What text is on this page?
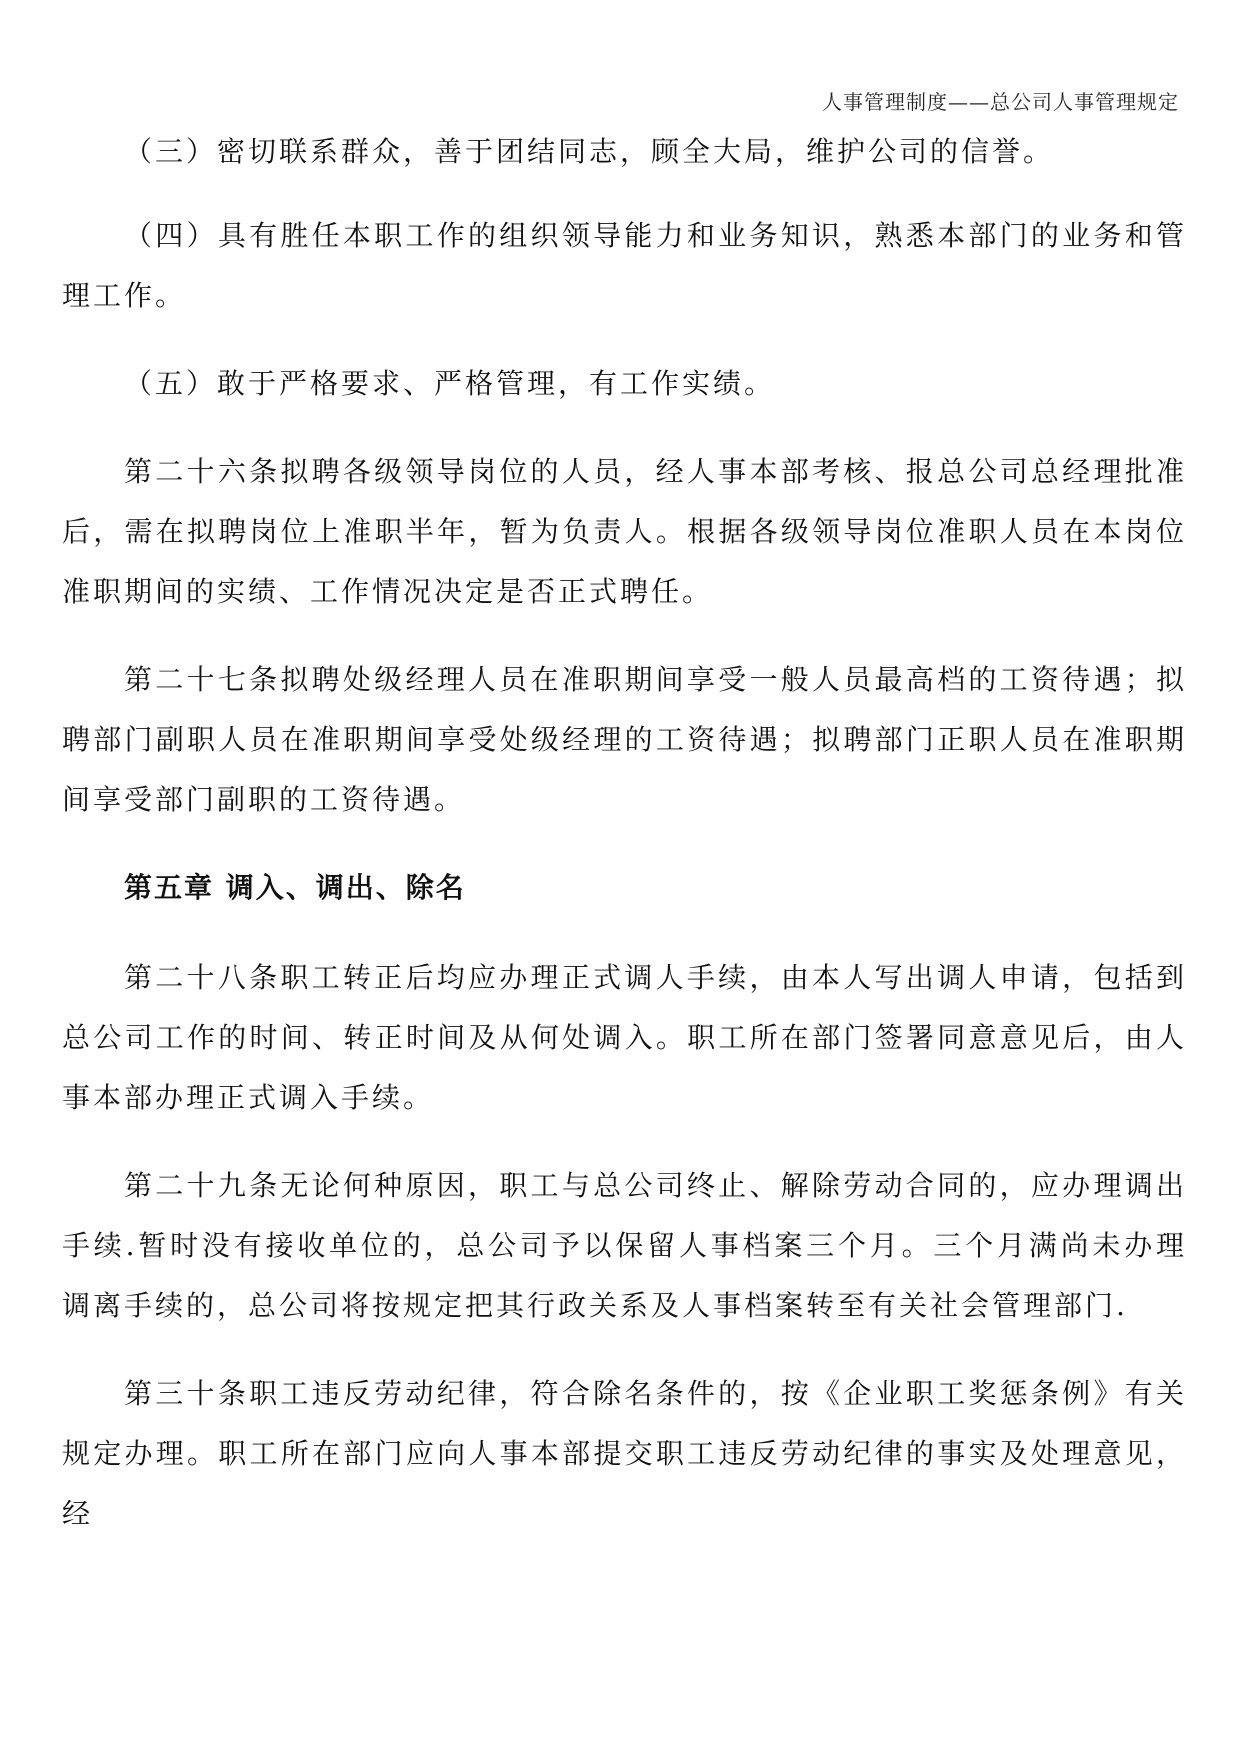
人事管理制度——总公司人事管理规定

（三）密切联系群众，善于团结同志，顾全大局，维护公司的信誉。

（四）具有胜任本职工作的组织领导能力和业务知识，熟悉本部门的业务和管理工作。

（五）敢于严格要求、严格管理，有工作实绩。

第二十六条拟聘各级领导岗位的人员，经人事本部考核、报总公司总经理批准后，需在拟聘岗位上准职半年，暂为负责人。根据各级领导岗位准职人员在本岗位准职期间的实绩、工作情况决定是否正式聘任。

第二十七条拟聘处级经理人员在准职期间享受一般人员最高档的工资待遇；拟聘部门副职人员在准职期间享受处级经理的工资待遇；拟聘部门正职人员在准职期间享受部门副职的工资待遇。

第五章 调入、调出、除名

第二十八条职工转正后均应办理正式调人手续，由本人写出调人申请，包括到总公司工作的时间、转正时间及从何处调入。职工所在部门签署同意意见后，由人事本部办理正式调入手续。

第二十九条无论何种原因，职工与总公司终止、解除劳动合同的，应办理调出手续.暂时没有接收单位的，总公司予以保留人事档案三个月。三个月满尚未办理调离手续的，总公司将按规定把其行政关系及人事档案转至有关社会管理部门.

第三十条职工违反劳动纪律，符合除名条件的，按《企业职工奖惩条例》有关规定办理。职工所在部门应向人事本部提交职工违反劳动纪律的事实及处理意见，经
